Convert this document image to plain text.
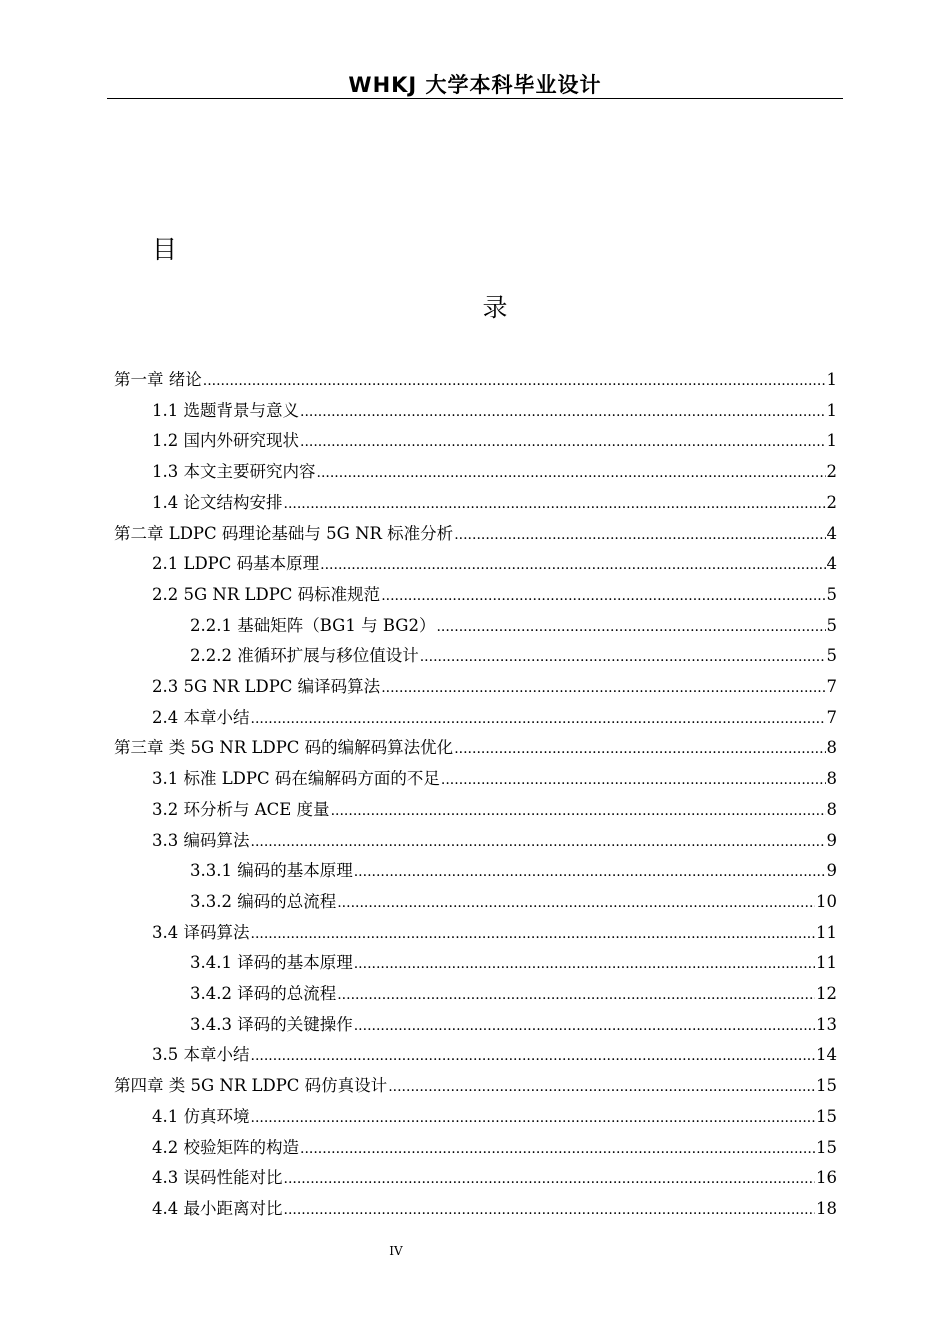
WHKJ 大学本科毕业设计
目
录
第一章 绪论 .....	1
1.1 选题背景与意义 .....	1
1.2 国内外研究现状 .....	1
1.3 本文主要研究内容 .....	2
1.4 论文结构安排 .....	2
第二章 LDPC 码理论基础与 5G NR 标准分析 .....	4
2.1 LDPC 码基本原理 .....	4
2.2 5G NR LDPC 码标准规范 .....	5
2.2.1 基础矩阵（BG1 与 BG2） .....	5
2.2.2 准循环扩展与移位值设计 .....	5
2.3 5G NR LDPC 编译码算法 .....	7
2.4 本章小结 .....	7
第三章 类 5G NR LDPC 码的编解码算法优化 .....	8
3.1 标准 LDPC 码在编解码方面的不足 .....	8
3.2 环分析与 ACE 度量 .....	8
3.3 编码算法 .....	9
3.3.1 编码的基本原理 .....	9
3.3.2 编码的总流程 .....	10
3.4 译码算法 .....	11
3.4.1 译码的基本原理 .....	11
3.4.2 译码的总流程 .....	12
3.4.3 译码的关键操作 .....	13
3.5 本章小结 .....	14
第四章 类 5G NR LDPC 码仿真设计 .....	15
4.1 仿真环境 .....	15
4.2 校验矩阵的构造 .....	15
4.3 误码性能对比 .....	16
4.4 最小距离对比 .....	18
IV
